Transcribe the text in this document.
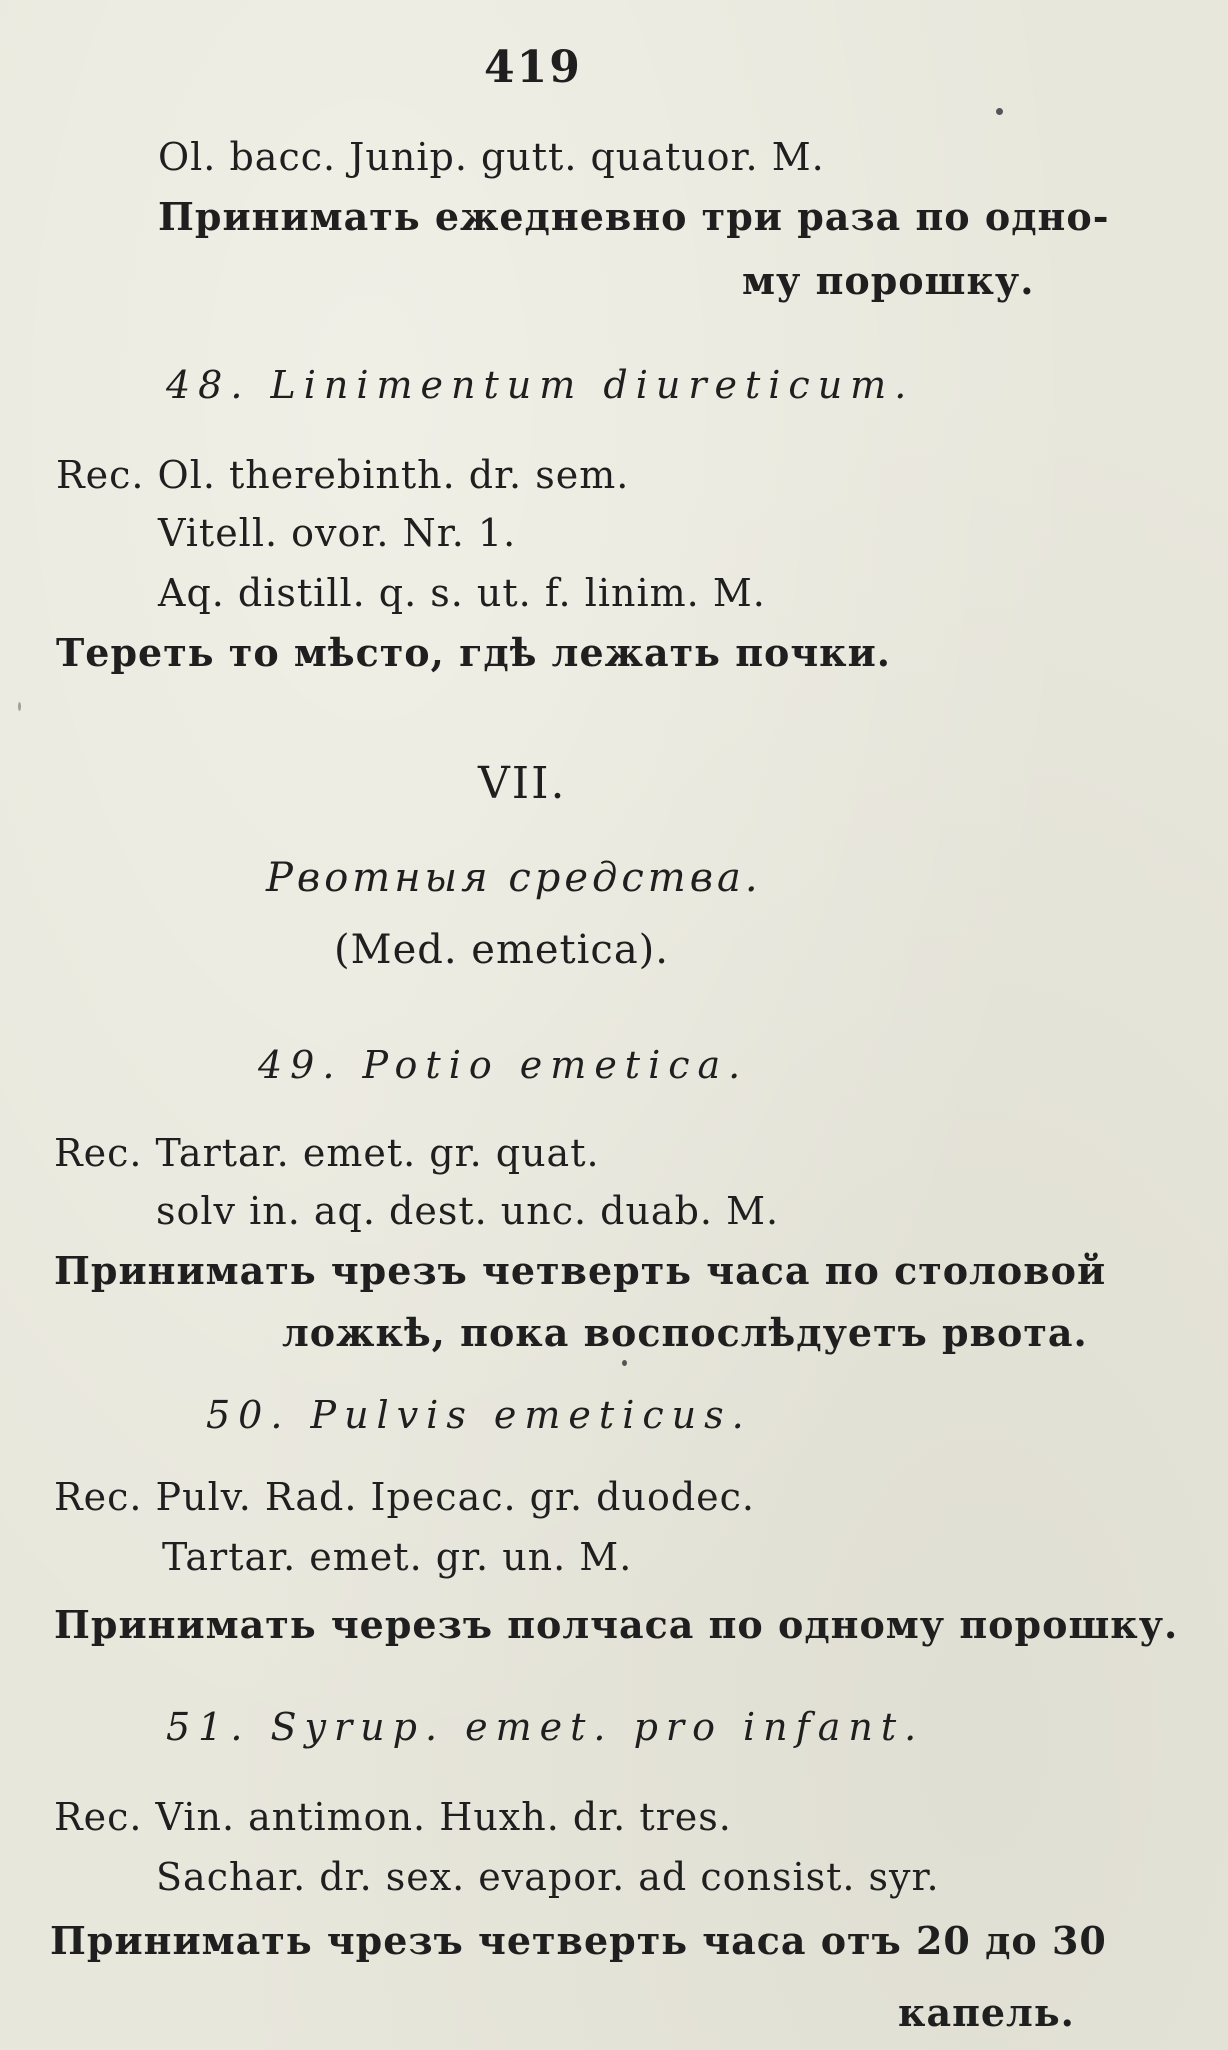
419
Ol. bacc. Junip. gutt. quatuor. M.
Принимать ежедневно три раза по одно-
му порошку.
48. Linimentum diureticum.
Rec. Ol. therebinth. dr. sem.
Vitell. ovor. Nr. 1.
Aq. distill. q. s. ut. f. linim. M.
Тереть то мѣсто, гдѣ лежать почки.
VII.
Рвотныя средства.
(Med. emetica).
49. Potio emetica.
Rec. Tartar. emet. gr. quat.
solv in. aq. dest. unc. duab. M.
Принимать чрезъ четверть часа по столовой
ложкѣ, пока воспослѣдуетъ рвота.
50. Pulvis emeticus.
Rec. Pulv. Rad. Ipecac. gr. duodec.
Tartar. emet. gr. un. M.
Принимать черезъ полчаса по одному порошку.
51. Syrup. emet. pro infant.
Rec. Vin. antimon. Huxh. dr. tres.
Sachar. dr. sex. evapor. ad consist. syr.
Принимать чрезъ четверть часа отъ 20 до 30
капель.
